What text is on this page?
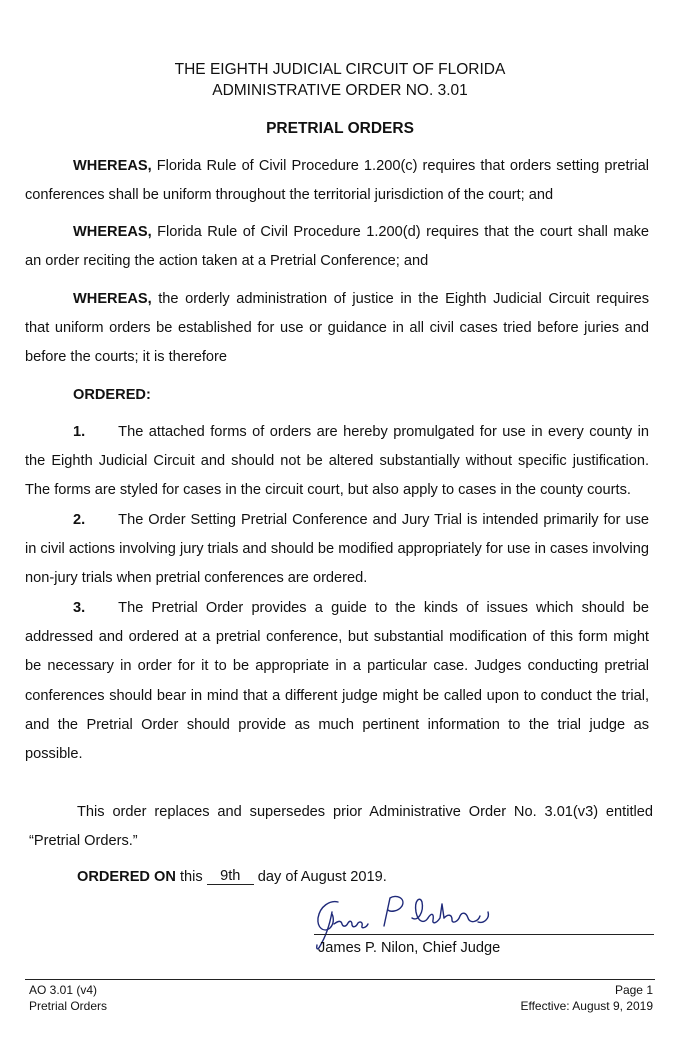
THE EIGHTH JUDICIAL CIRCUIT OF FLORIDA
ADMINISTRATIVE ORDER NO. 3.01
PRETRIAL ORDERS

WHEREAS, Florida Rule of Civil Procedure 1.200(c) requires that orders setting pretrial conferences shall be uniform throughout the territorial jurisdiction of the court; and

WHEREAS, Florida Rule of Civil Procedure 1.200(d) requires that the court shall make an order reciting the action taken at a Pretrial Conference; and

WHEREAS, the orderly administration of justice in the Eighth Judicial Circuit requires that uniform orders be established for use or guidance in all civil cases tried before juries and before the courts; it is therefore

ORDERED:

1. The attached forms of orders are hereby promulgated for use in every county in the Eighth Judicial Circuit and should not be altered substantially without specific justification. The forms are styled for cases in the circuit court, but also apply to cases in the county courts.

2. The Order Setting Pretrial Conference and Jury Trial is intended primarily for use in civil actions involving jury trials and should be modified appropriately for use in cases involving non-jury trials when pretrial conferences are ordered.

3. The Pretrial Order provides a guide to the kinds of issues which should be addressed and ordered at a pretrial conference, but substantial modification of this form might be necessary in order for it to be appropriate in a particular case. Judges conducting pretrial conferences should bear in mind that a different judge might be called upon to conduct the trial, and the Pretrial Order should provide as much pertinent information to the trial judge as possible.

This order replaces and supersedes prior Administrative Order No. 3.01(v3) entitled “Pretrial Orders.”

ORDERED ON this 9th day of August 2019.
James P. Nilon, Chief Judge
AO 3.01 (v4)
Pretrial Orders
Page 1
Effective: August 9, 2019
